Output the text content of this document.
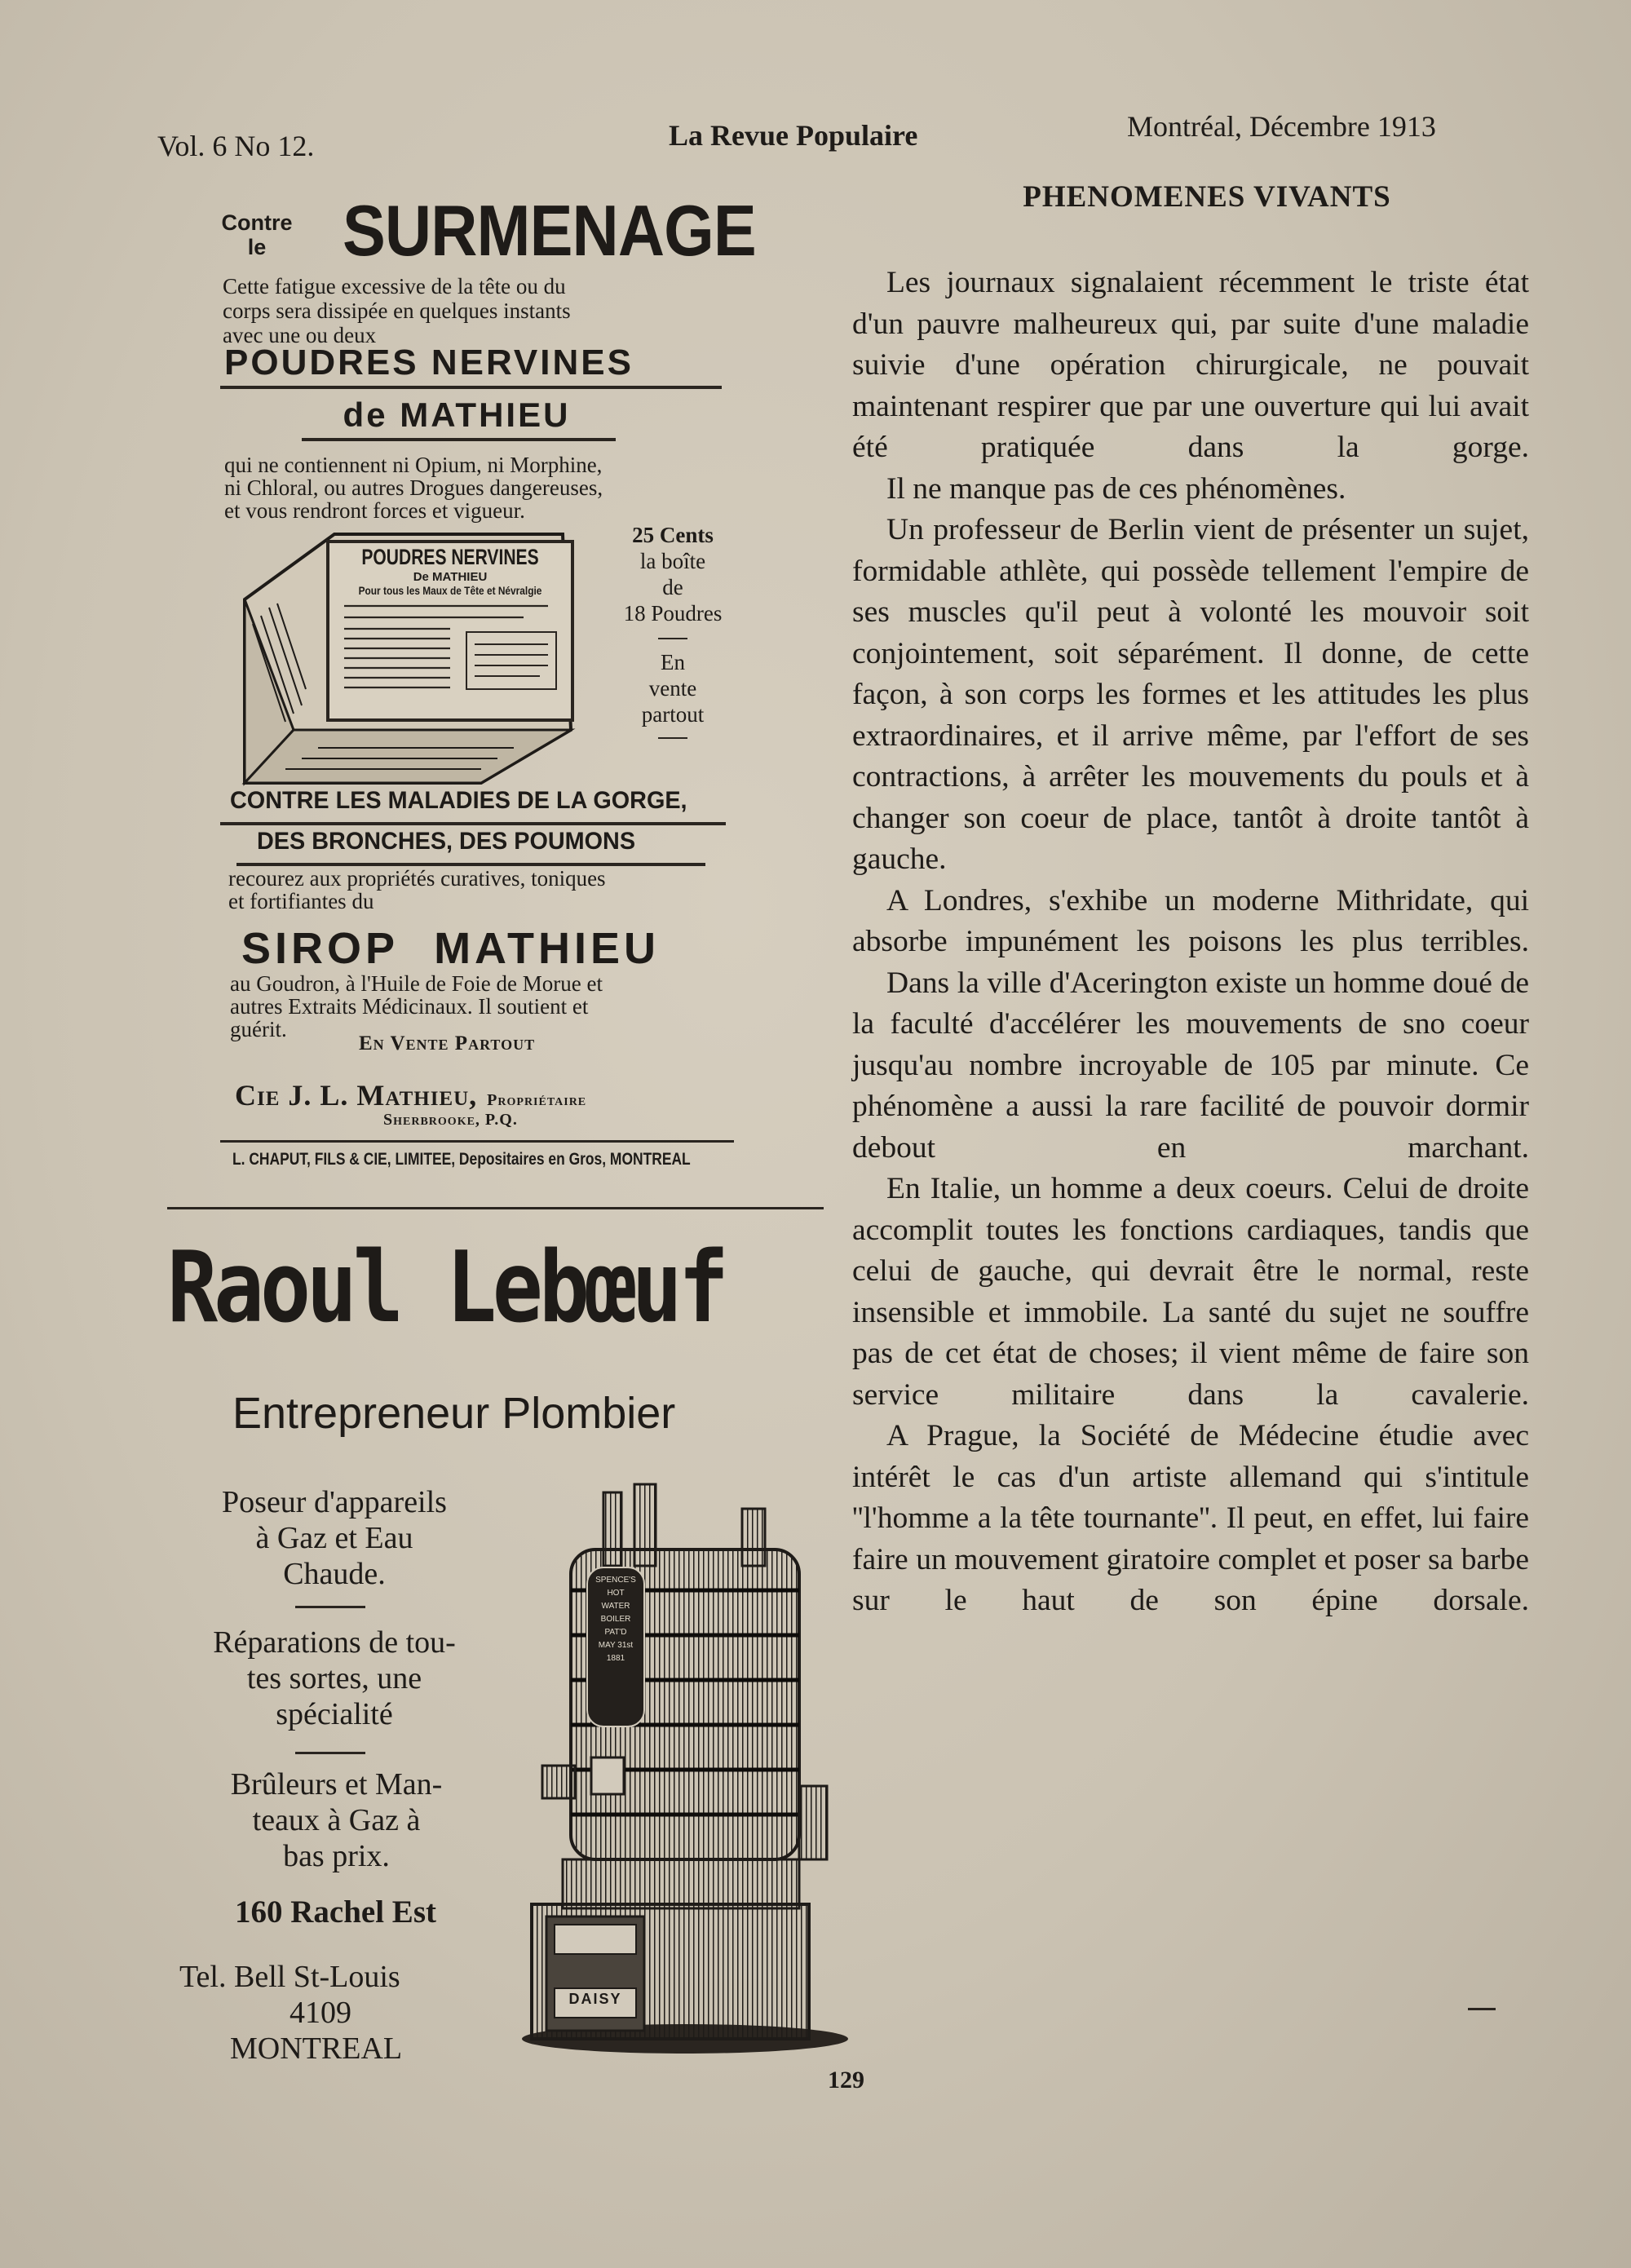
Vol. 6 No 12.	La Revue Populaire	Montréal, Décembre 1913
Contre
le	SURMENAGE
Cette fatigue excessive de la tête ou du
corps sera dissipée en quelques instants
avec une ou deux
POUDRES NERVINES
de MATHIEU
qui ne contiennent ni Opium, ni Morphine,
ni Chloral, ou autres Drogues dangereuses,
et vous rendront forces et vigueur.
POUDRES NERVINES
De MATHIEU
Pour tous les Maux de Tête et Névralgie
25 Cents
la boîte
de
18 Poudres
En
vente
partout
CONTRE LES MALADIES DE LA GORGE,
DES BRONCHES, DES POUMONS
recourez aux propriétés curatives, toniques
et fortifiantes du
SIROP MATHIEU
au Goudron, à l'Huile de Foie de Morue et
autres Extraits Médicinaux. Il soutient et
guérit.
En Vente Partout
Cie J. L. Mathieu, Propriétaire
Sherbrooke, P.Q.
L. CHAPUT, FILS & CIE, LIMITEE, Depositaires en Gros, MONTREAL
Raoul Lebœuf
Entrepreneur Plombier
Poseur d'appareils
à Gaz et Eau
Chaude.
Réparations de tou-
tes sortes, une
spécialité
Brûleurs et Man-
teaux à Gaz à
bas prix.
160 Rachel Est
Tel. Bell St-Louis
4109
MONTREAL
SPENCE'S
HOT
WATER
BOILER
PAT'D
MAY 31st
1881
DAISY
PHENOMENES VIVANTS

Les journaux signalaient récemment le triste état d'un pauvre malheureux qui, par suite d'une maladie suivie d'une opération chirurgicale, ne pouvait maintenant respirer que par une ouverture qui lui avait été pratiquée dans la gorge.

Il ne manque pas de ces phénomènes.

Un professeur de Berlin vient de présenter un sujet, formidable athlète, qui possède tellement l'empire de ses muscles qu'il peut à volonté les mouvoir soit conjointement, soit séparément. Il donne, de cette façon, à son corps les formes et les attitudes les plus extraordinaires, et il arrive même, par l'effort de ses contractions, à arrêter les mouvements du pouls et à changer son coeur de place, tantôt à droite tantôt à gauche.

A Londres, s'exhibe un moderne Mithridate, qui absorbe impunément les poisons les plus terribles.

Dans la ville d'Acerington existe un homme doué de la faculté d'accélérer les mouvements de sno coeur jusqu'au nombre incroyable de 105 par minute. Ce phénomène a aussi la rare facilité de pouvoir dormir debout en marchant.

En Italie, un homme a deux coeurs. Celui de droite accomplit toutes les fonctions cardiaques, tandis que celui de gauche, qui devrait être le normal, reste insensible et immobile. La santé du sujet ne souffre pas de cet état de choses; il vient même de faire son service militaire dans la cavalerie.

A Prague, la Société de Médecine étudie avec intérêt le cas d'un artiste allemand qui s'intitule ''l'homme a la tête tournante''. Il peut, en effet, lui faire faire un mouvement giratoire complet et poser sa barbe sur le haut de son épine dorsale.

129
